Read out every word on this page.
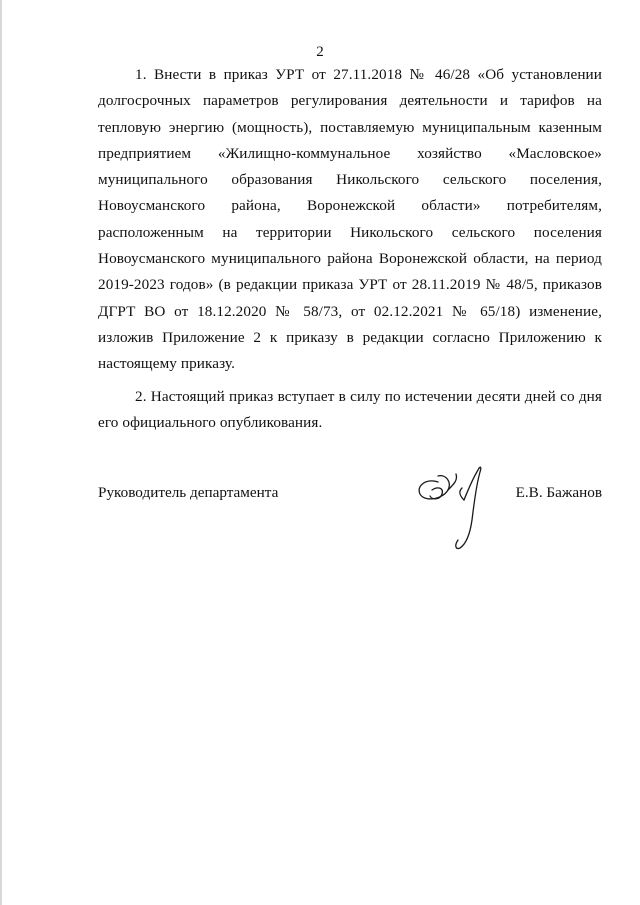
2

1. Внести в приказ УРТ от 27.11.2018 № 46/28 «Об установлении долгосрочных параметров регулирования деятельности и тарифов на тепловую энергию (мощность), поставляемую муниципальным казенным предприятием «Жилищно-коммунальное хозяйство «Масловское» муниципального образования Никольского сельского поселения, Новоусманского района, Воронежской области» потребителям, расположенным на территории Никольского сельского поселения Новоусманского муниципального района Воронежской области, на период 2019-2023 годов» (в редакции приказа УРТ от 28.11.2019 № 48/5, приказов ДГРТ ВО от 18.12.2020 № 58/73, от 02.12.2021 № 65/18) изменение, изложив Приложение 2 к приказу в редакции согласно Приложению к настоящему приказу.

2. Настоящий приказ вступает в силу по истечении десяти дней со дня его официального опубликования.

Руководитель департамента	Е.В. Бажанов
